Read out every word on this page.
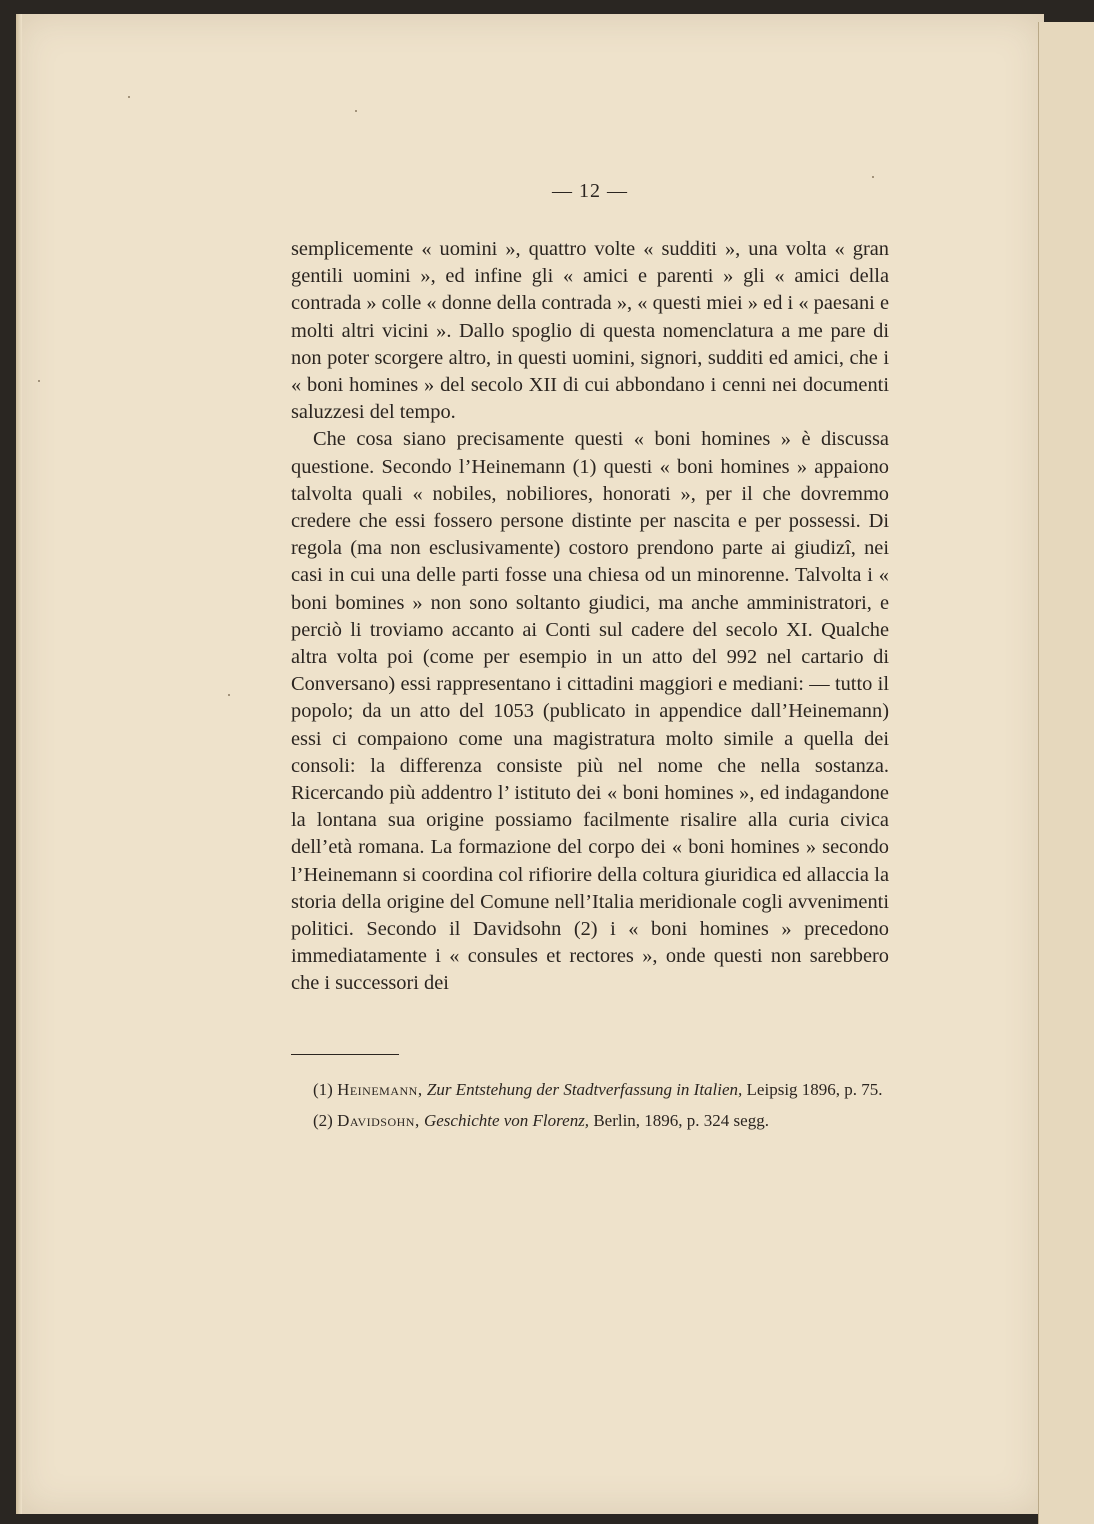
— 12 —

semplicemente « uomini », quattro volte « sudditi », una volta « gran gentili uomini », ed infine gli « amici e parenti » gli « amici della contrada » colle « donne della contrada », « questi miei » ed i « paesani e molti altri vicini ». Dallo spoglio di questa nomenclatura a me pare di non poter scorgere altro, in questi uomini, signori, sudditi ed amici, che i « boni homines » del secolo XII di cui abbondano i cenni nei documenti saluzzesi del tempo.

Che cosa siano precisamente questi « boni homines » è discussa questione. Secondo l’Heinemann (1) questi « boni homines » appaiono talvolta quali « nobiles, nobiliores, honorati », per il che dovremmo credere che essi fossero persone distinte per nascita e per possessi. Di regola (ma non esclusivamente) costoro prendono parte ai giudizî, nei casi in cui una delle parti fosse una chiesa od un minorenne. Talvolta i « boni bomines » non sono soltanto giudici, ma anche amministratori, e perciò li troviamo accanto ai Conti sul cadere del secolo XI. Qualche altra volta poi (come per esempio in un atto del 992 nel cartario di Conversano) essi rappresentano i cittadini maggiori e mediani: — tutto il popolo; da un atto del 1053 (publicato in appendice dall’Heinemann) essi ci compaiono come una magistratura molto simile a quella dei consoli: la differenza consiste più nel nome che nella sostanza. Ricercando più addentro l’ istituto dei « boni homines », ed indagandone la lontana sua origine possiamo facilmente risalire alla curia civica dell’età romana. La formazione del corpo dei « boni homines » secondo l’Heinemann si coordina col rifiorire della coltura giuridica ed allaccia la storia della origine del Comune nell’Italia meridionale cogli avvenimenti politici. Secondo il Davidsohn (2) i « boni homines » precedono immediatamente i « consules et rectores », onde questi non sarebbero che i successori dei

(1) Heinemann, Zur Entstehung der Stadtverfassung in Italien, Leipsig 1896, p. 75.

(2) Davidsohn, Geschichte von Florenz, Berlin, 1896, p. 324 segg.
